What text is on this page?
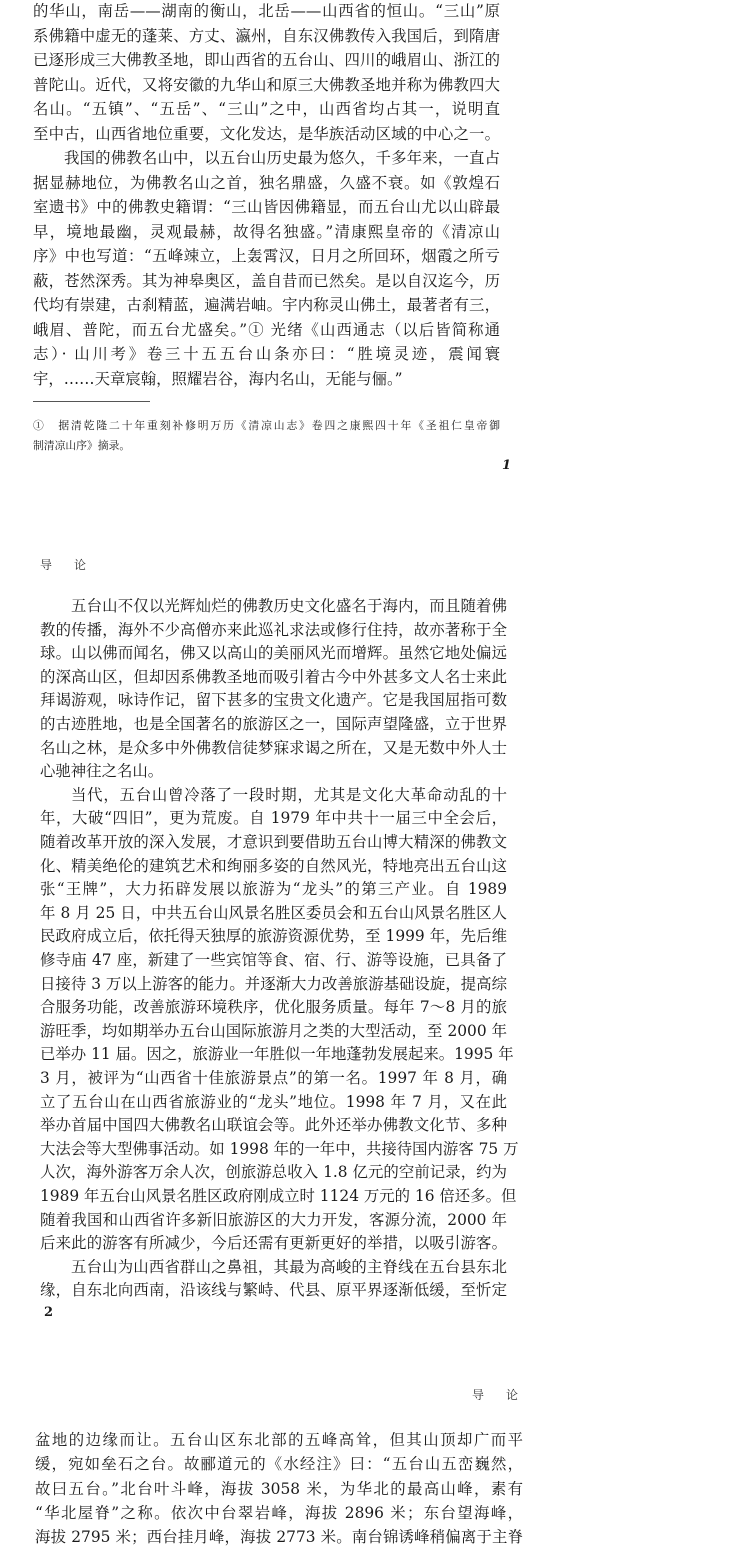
的华山，南岳——湖南的衡山，北岳——山西省的恒山。“三山”原
系佛籍中虚无的蓬莱、方丈、瀛州，自东汉佛教传入我国后，到隋唐
已逐形成三大佛教圣地，即山西省的五台山、四川的峨眉山、浙江的
普陀山。近代，又将安徽的九华山和原三大佛教圣地并称为佛教四大
名山。“五镇”、“五岳”、“三山”之中，山西省均占其一，说明直
至中古，山西省地位重要，文化发达，是华族活动区域的中心之一。
我国的佛教名山中，以五台山历史最为悠久，千多年来，一直占
据显赫地位，为佛教名山之首，独名鼎盛，久盛不衰。如《敦煌石
室遗书》中的佛教史籍谓：“三山皆因佛籍显，而五台山尤以山辟最
早，境地最幽，灵观最赫，故得名独盛。”清康熙皇帝的《清凉山
序》中也写道：“五峰竦立，上轰霄汉，日月之所回环，烟霞之所亏
蔽，苍然深秀。其为神皋奥区，盖自昔而已然矣。是以自汉迄今，历
代均有崇建，古刹精蓝，遍满岩岫。宇内称灵山佛土，最著者有三，
峨眉、普陀，而五台尤盛矣。”① 光绪《山西通志（以后皆简称通
志）· 山川考》卷三十五五台山条亦曰：“胜境灵迹，震闻寰
宇，……天章宸翰，照耀岩谷，海内名山，无能与俪。”
①　据清乾隆二十年重刻补修明万历《清凉山志》卷四之康熙四十年《圣祖仁皇帝御
制清凉山序》摘录。
1
导论
五台山不仅以光辉灿烂的佛教历史文化盛名于海内，而且随着佛
教的传播，海外不少高僧亦来此巡礼求法或修行住持，故亦著称于全
球。山以佛而闻名，佛又以高山的美丽风光而增辉。虽然它地处偏远
的深高山区，但却因系佛教圣地而吸引着古今中外甚多文人名士来此
拜谒游观，咏诗作记，留下甚多的宝贵文化遗产。它是我国屈指可数
的古迹胜地，也是全国著名的旅游区之一，国际声望隆盛，立于世界
名山之林，是众多中外佛教信徒梦寐求谒之所在，又是无数中外人士
心驰神往之名山。
当代，五台山曾冷落了一段时期，尤其是文化大革命动乱的十
年，大破“四旧”，更为荒废。自 1979 年中共十一届三中全会后，
随着改革开放的深入发展，才意识到要借助五台山博大精深的佛教文
化、精美绝伦的建筑艺术和绚丽多姿的自然风光，特地亮出五台山这
张“王牌”，大力拓辟发展以旅游为“龙头”的第三产业。自 1989
年 8 月 25 日，中共五台山风景名胜区委员会和五台山风景名胜区人
民政府成立后，依托得天独厚的旅游资源优势，至 1999 年，先后维
修寺庙 47 座，新建了一些宾馆等食、宿、行、游等设施，已具备了
日接待 3 万以上游客的能力。并逐渐大力改善旅游基础设旋，提高综
合服务功能，改善旅游环境秩序，优化服务质量。每年 7～8 月的旅
游旺季，均如期举办五台山国际旅游月之类的大型活动，至 2000 年
已举办 11 届。因之，旅游业一年胜似一年地蓬勃发展起来。1995 年
3 月，被评为“山西省十佳旅游景点”的第一名。1997 年 8 月，确
立了五台山在山西省旅游业的“龙头”地位。1998 年 7 月，又在此
举办首届中国四大佛教名山联谊会等。此外还举办佛教文化节、多种
大法会等大型佛事活动。如 1998 年的一年中，共接待国内游客 75 万
人次，海外游客万余人次，创旅游总收入 1.8 亿元的空前记录，约为
1989 年五台山风景名胜区政府刚成立时 1124 万元的 16 倍还多。但
随着我国和山西省许多新旧旅游区的大力开发，客源分流，2000 年
后来此的游客有所减少，今后还需有更新更好的举措，以吸引游客。
五台山为山西省群山之鼻祖，其最为高峻的主脊线在五台县东北
缘，自东北向西南，沿该线与繁峙、代县、原平界逐渐低缓，至忻定
2
导论
盆地的边缘而让。五台山区东北部的五峰高耸，但其山顶却广而平
缓，宛如垒石之台。故郦道元的《水经注》曰：“五台山五峦巍然，
故曰五台。”北台叶斗峰，海拔 3058 米，为华北的最高山峰，素有
“华北屋脊”之称。依次中台翠岩峰，海拔 2896 米；东台望海峰，
海拔 2795 米；西台挂月峰，海拔 2773 米。南台锦诱峰稍偏离于主脊
